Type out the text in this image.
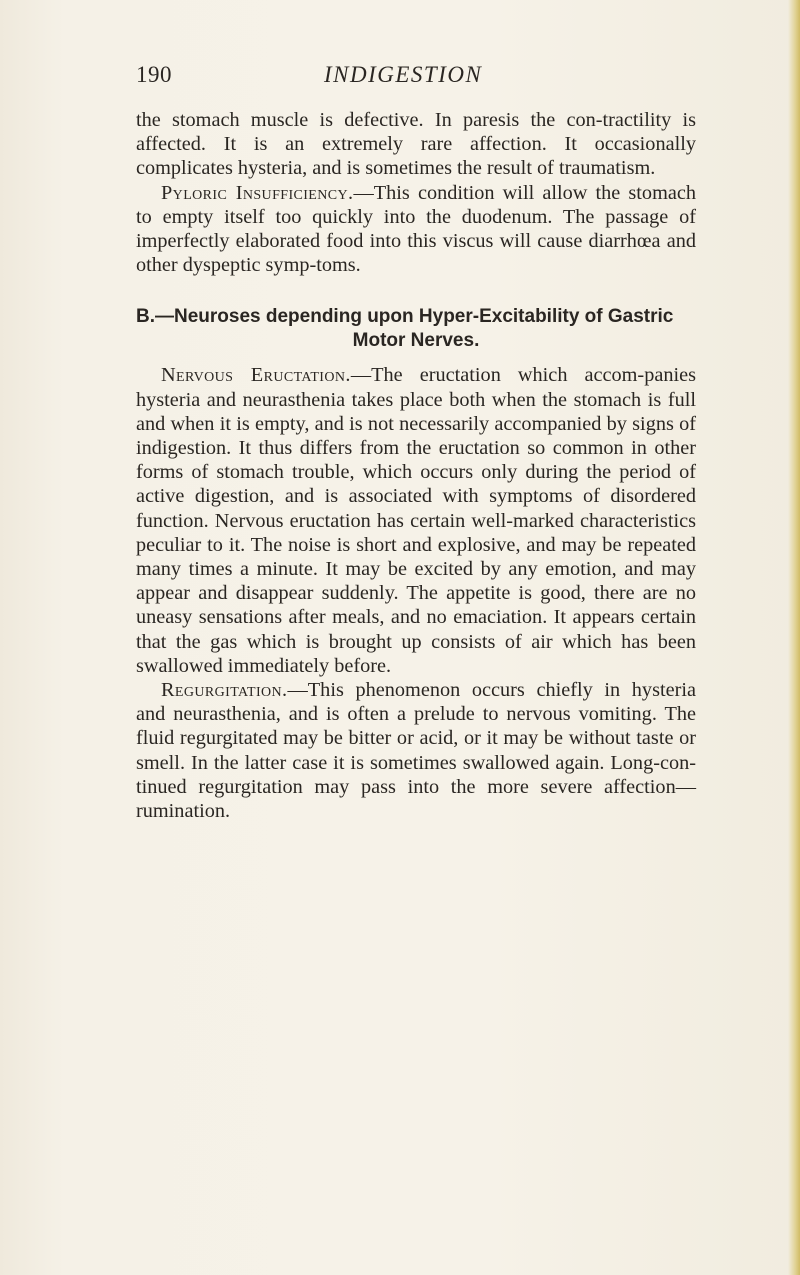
190	INDIGESTION

the stomach muscle is defective. In paresis the con-tractility is affected. It is an extremely rare affection. It occasionally complicates hysteria, and is sometimes the result of traumatism.

Pyloric Insufficiency.—This condition will allow the stomach to empty itself too quickly into the duodenum. The passage of imperfectly elaborated food into this viscus will cause diarrhœa and other dyspeptic symp-toms.

B.—Neuroses depending upon Hyper-Excitability of Gastric
Motor Nerves.

Nervous Eructation.—The eructation which accom-panies hysteria and neurasthenia takes place both when the stomach is full and when it is empty, and is not necessarily accompanied by signs of indigestion. It thus differs from the eructation so common in other forms of stomach trouble, which occurs only during the period of active digestion, and is associated with symptoms of disordered function. Nervous eructation has certain well-marked characteristics peculiar to it. The noise is short and explosive, and may be repeated many times a minute. It may be excited by any emotion, and may appear and disappear suddenly. The appetite is good, there are no uneasy sensations after meals, and no emaciation. It appears certain that the gas which is brought up consists of air which has been swallowed immediately before.

Regurgitation.—This phenomenon occurs chiefly in hysteria and neurasthenia, and is often a prelude to nervous vomiting. The fluid regurgitated may be bitter or acid, or it may be without taste or smell. In the latter case it is sometimes swallowed again. Long-con-tinued regurgitation may pass into the more severe affection—rumination.
